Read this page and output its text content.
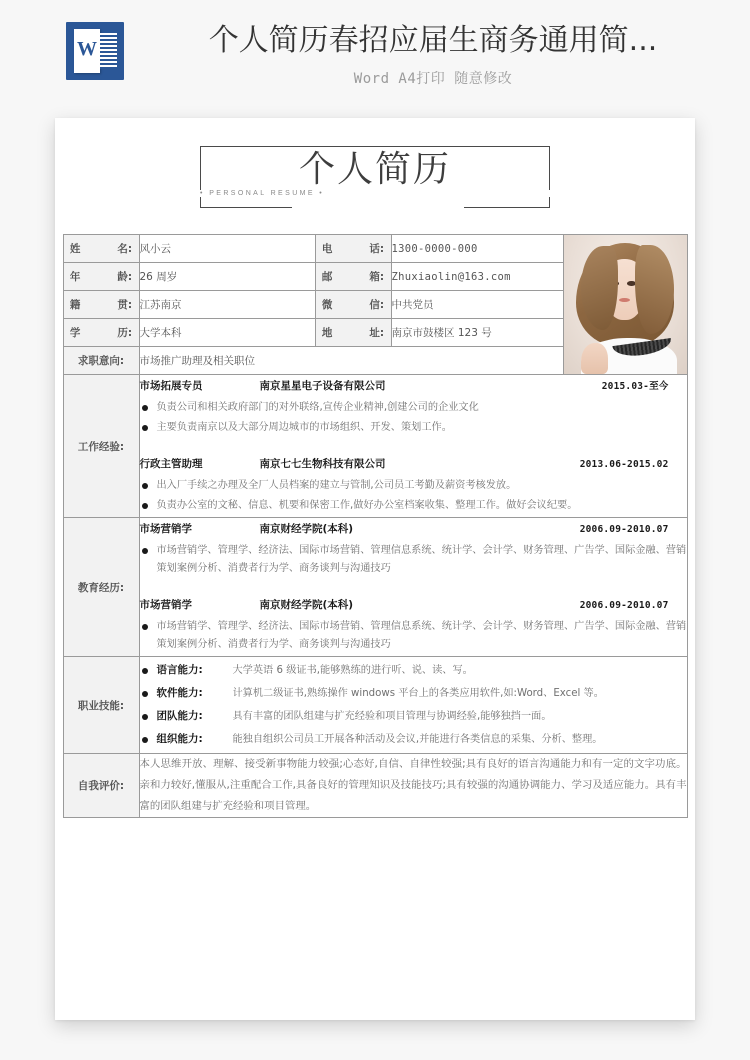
W
个人简历春招应届生商务通用简...
Word A4打印 随意修改
个人简历
• PERSONAL RESUME •
姓名:	风小云	电话:	1300-0000-000	

年龄:	26 周岁	邮箱:	Zhuxiaolin@163.com	
籍贯:	江苏南京	微信:	中共党员	
学历:	大学本科	地址:	南京市鼓楼区 123 号	
求职意向:	市场推广助理及相关职位			
工作经验:	
市场拓展专员	南京星星电子设备有限公司	2015.03-至今
负责公司和相关政府部门的对外联络,宣传企业精神,创建公司的企业文化
主要负责南京以及大部分周边城市的市场组织、开发、策划工作。
行政主管助理	南京七七生物科技有限公司	2013.06-2015.02
出入厂手续之办理及全厂人员档案的建立与管制,公司员工考勤及薪资考核发放。
负责办公室的文秘、信息、机要和保密工作,做好办公室档案收集、整理工作。做好会议纪要。

教育经历:	
市场营销学	南京财经学院(本科)	2006.09-2010.07
市场营销学、管理学、经济法、国际市场营销、管理信息系统、统计学、会计学、财务管理、广告学、国际金融、营销策划案例分析、消费者行为学、商务谈判与沟通技巧
市场营销学	南京财经学院(本科)	2006.09-2010.07
市场营销学、管理学、经济法、国际市场营销、管理信息系统、统计学、会计学、财务管理、广告学、国际金融、营销策划案例分析、消费者行为学、商务谈判与沟通技巧

职业技能:	
语言能力:	大学英语 6 级证书,能够熟练的进行听、说、读、写。
软件能力:	计算机二级证书,熟练操作 windows 平台上的各类应用软件,如:Word、Excel 等。
团队能力:	具有丰富的团队组建与扩充经验和项目管理与协调经验,能够独挡一面。
组织能力:	能独自组织公司员工开展各种活动及会议,并能进行各类信息的采集、分析、整理。

自我评价:	本人思维开放、理解、接受新事物能力较强;心态好,自信、自律性较强;具有良好的语言沟通能力和有一定的文字功底。亲和力较好,懂服从,注重配合工作,具备良好的管理知识及技能技巧;具有较强的沟通协调能力、学习及适应能力。具有丰富的团队组建与扩充经验和项目管理。			
